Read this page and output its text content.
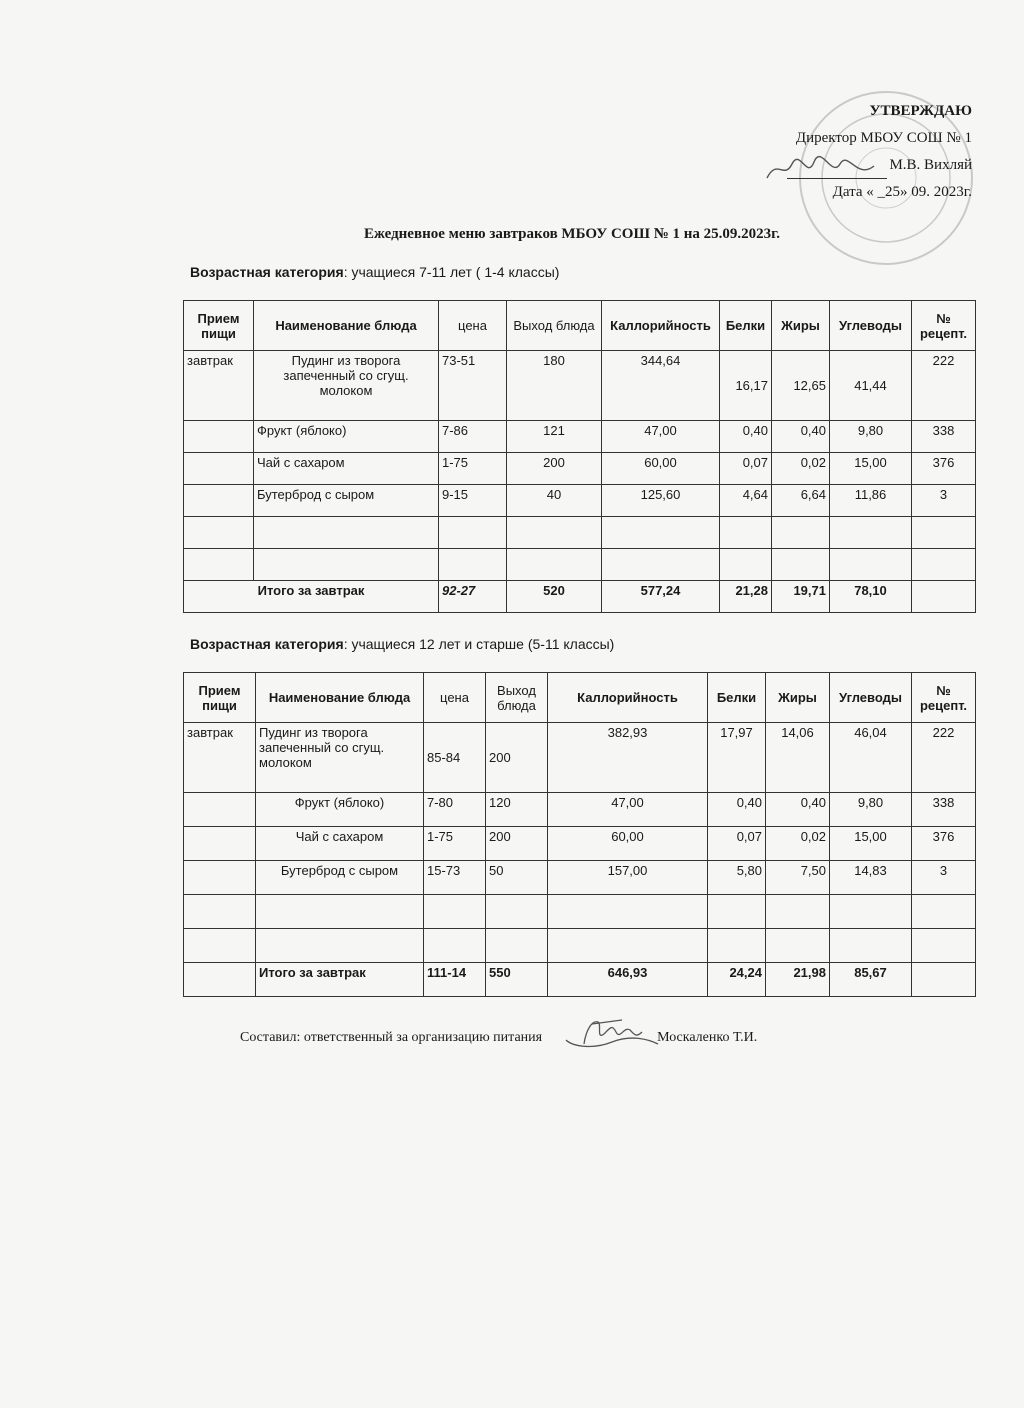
УТВЕРЖДАЮ
Директор МБОУ СОШ № 1
М.В. Вихляй
Дата « _25» 09. 2023г.
Ежедневное меню завтраков МБОУ СОШ № 1 на 25.09.2023г.
Возрастная категория: учащиеся 7-11 лет ( 1-4 классы)
Прием пищи	Наименование блюда	цена	Выход блюда	Каллорийность	Белки	Жиры	Углеводы	№ рецепт.
завтрак	Пудинг из творога запеченный со сгущ. молоком	73-51	180	344,64	16,17	12,65	41,44	222
	Фрукт (яблоко)	7-86	121	47,00	0,40	0,40	9,80	338
	Чай с сахаром	1-75	200	60,00	0,07	0,02	15,00	376
	Бутерброд с сыром	9-15	40	125,60	4,64	6,64	11,86	3

Итого за завтрак		92-27	520	577,24	21,28	19,71	78,10	
Возрастная категория: учащиеся 12 лет и старше (5-11 классы)
Прием пищи	Наименование блюда	цена	Выход блюда	Каллорийность	Белки	Жиры	Углеводы	№ рецепт.
завтрак	Пудинг из творога запеченный со сгущ. молоком	85-84	200	382,93	17,97	14,06	46,04	222
	Фрукт (яблоко)	7-80	120	47,00	0,40	0,40	9,80	338
	Чай с сахаром	1-75	200	60,00	0,07	0,02	15,00	376
	Бутерброд с сыром	15-73	50	157,00	5,80	7,50	14,83	3

	Итого за завтрак	111-14	550	646,93	24,24	21,98	85,67	
Составил: ответственный за организацию питания	Москаленко Т.И.
